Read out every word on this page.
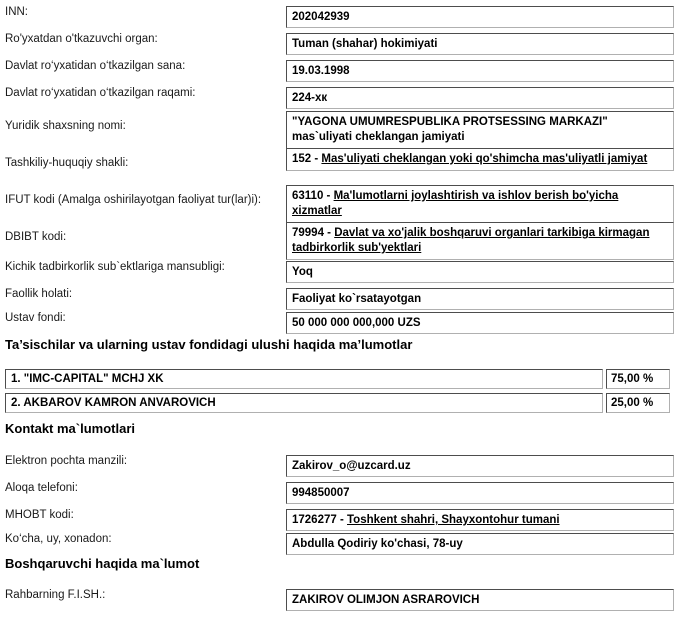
INN:	202042939
Ro'yxatdan o'tkazuvchi organ:	Tuman (shahar) hokimiyati
Davlat ro‘yxatidan o‘tkazilgan sana:	19.03.1998
Davlat ro‘yxatidan o‘tkazilgan raqami:	224-хк
Yuridik shaxsning nomi:	"YAGONA UMUMRESPUBLIKA PROTSESSING MARKAZI" mas`uliyati cheklangan jamiyati
Tashkiliy-huquqiy shakli:	152 - Mas'uliyati cheklangan yoki qo'shimcha mas'uliyatli jamiyat
IFUT kodi (Amalga oshirilayotgan faoliyat tur(lar)i):	63110 - Ma'lumotlarni joylashtirish va ishlov berish bo'yicha xizmatlar
DBIBT kodi:	79994 - Davlat va xo'jalik boshqaruvi organlari tarkibiga kirmagan tadbirkorlik sub'yektlari
Kichik tadbirkorlik sub`ektlariga mansubligi:	Yoq
Faollik holati:	Faoliyat ko`rsatayotgan
Ustav fondi:	50 000 000 000,000 UZS
Ta’sischilar va ularning ustav fondidagi ulushi haqida ma’lumotlar
1. "IMC-CAPITAL" MCHJ XK	75,00 %
2. AKBAROV KAMRON ANVAROVICH	25,00 %
Kontakt ma`lumotlari
Elektron pochta manzili:	Zakirov_o@uzcard.uz
Aloqa telefoni:	994850007
MHOBT kodi:	1726277 - Toshkent shahri, Shayxontohur tumani
Ko‘cha, uy, xonadon:	Abdulla Qodiriy ko'chasi, 78-uy
Boshqaruvchi haqida ma`lumot
Rahbarning F.I.SH.:	ZAKIROV OLIMJON ASRAROVICH
